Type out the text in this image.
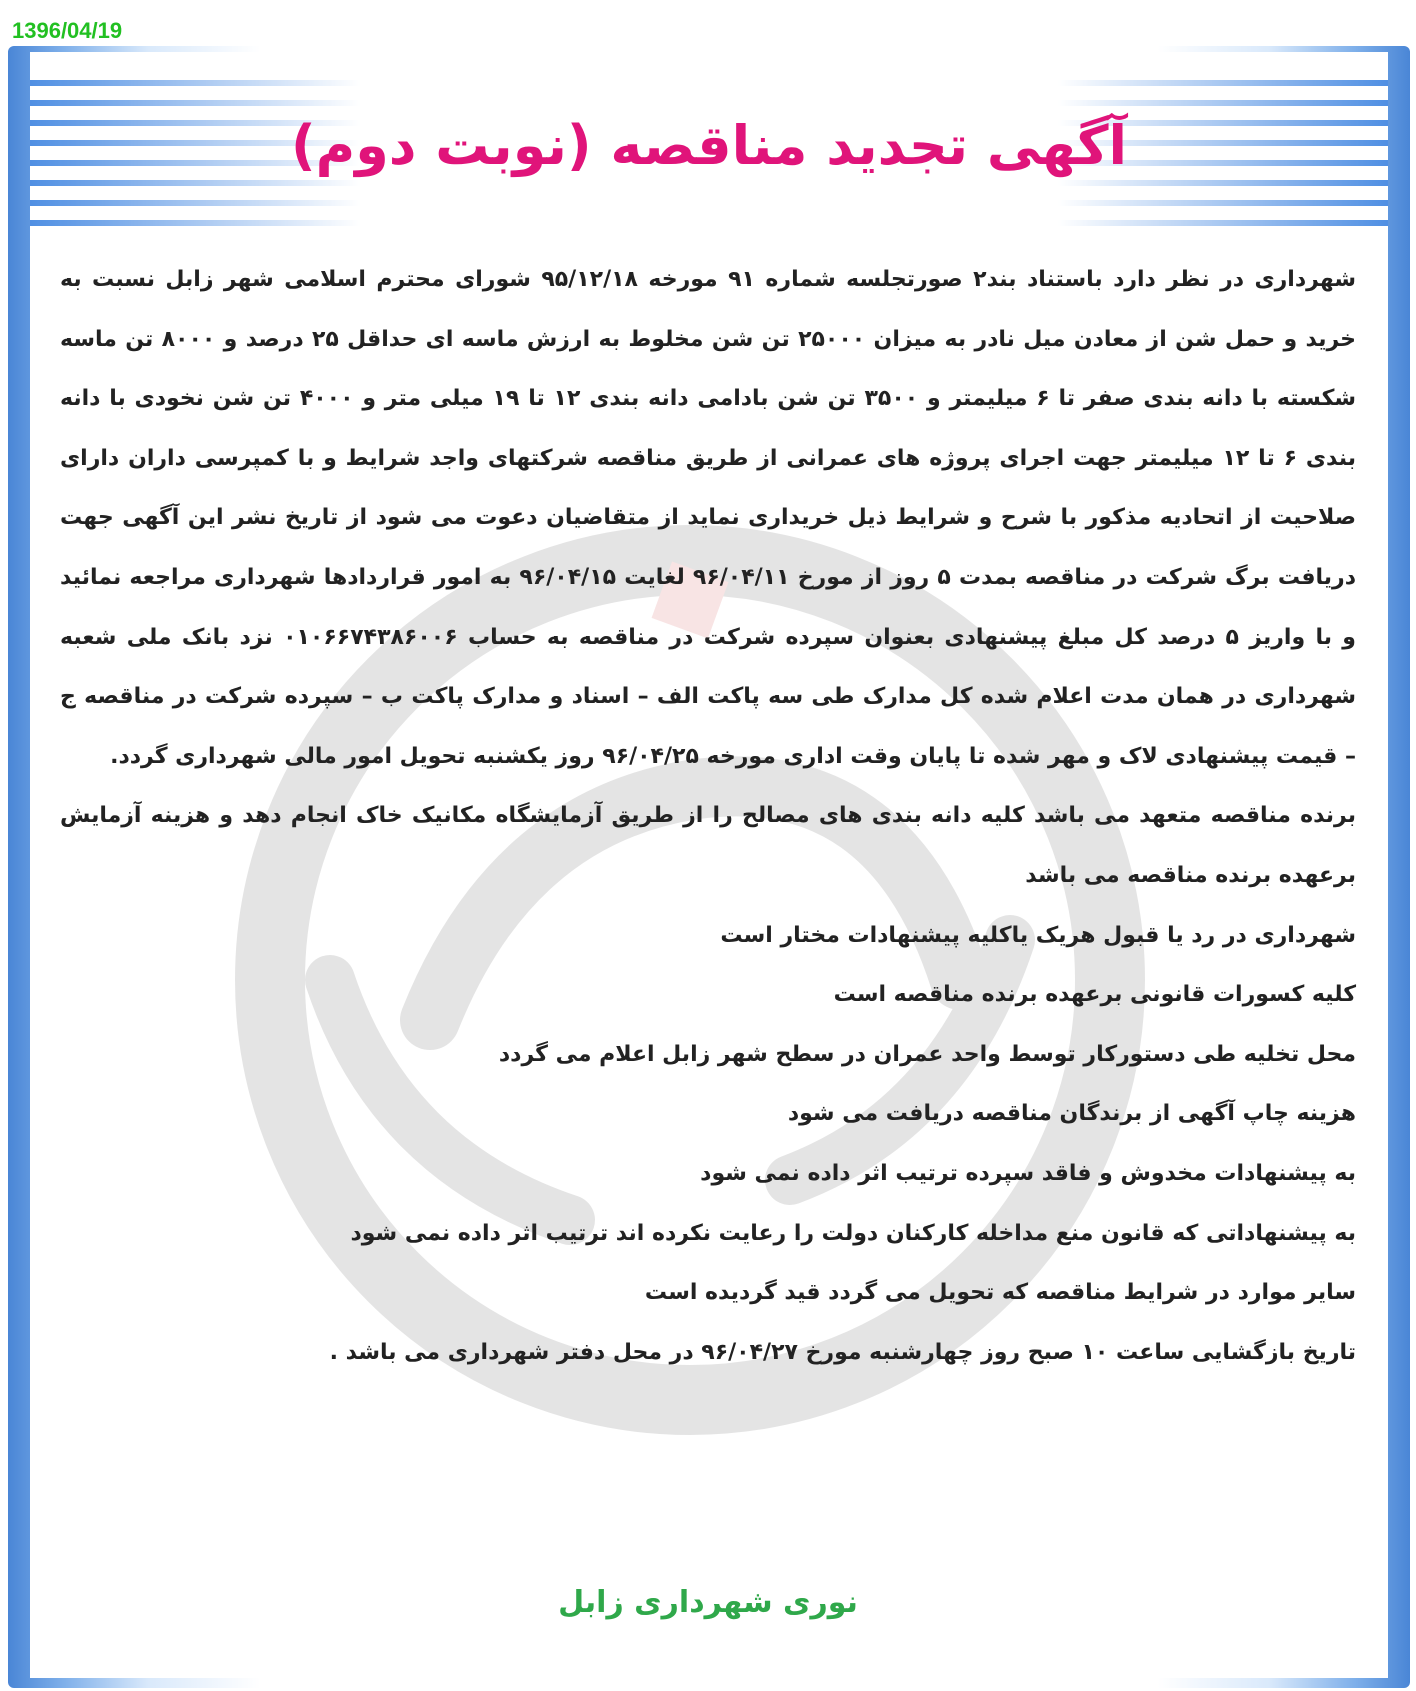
1396/04/19
آگهی تجدید مناقصه (نوبت دوم)

شهرداری در نظر دارد باستناد بند۲ صورتجلسه شماره ۹۱ مورخه ۹۵/۱۲/۱۸ شورای محترم اسلامی شهر زابل نسبت به خرید و حمل شن از معادن میل نادر به میزان ۲۵۰۰۰ تن شن مخلوط به ارزش ماسه ای حداقل ۲۵ درصد و ۸۰۰۰ تن ماسه شکسته با دانه بندی صفر تا ۶ میلیمتر و ۳۵۰۰ تن شن بادامی دانه بندی ۱۲ تا ۱۹ میلی متر و ۴۰۰۰ تن شن نخودی با دانه بندی ۶ تا ۱۲ میلیمتر جهت اجرای پروژه های عمرانی از طریق مناقصه شرکتهای واجد شرایط و با کمپرسی داران دارای صلاحیت از اتحادیه مذکور با شرح و شرایط ذیل خریداری نماید از متقاضیان دعوت می شود از تاریخ نشر این آگهی جهت دریافت برگ شرکت در مناقصه بمدت ۵ روز از مورخ ۹۶/۰۴/۱۱ لغایت ۹۶/۰۴/۱۵ به امور قراردادها شهرداری مراجعه نمائید و با واریز ۵ درصد کل مبلغ پیشنهادی بعنوان سپرده شرکت در مناقصه به حساب ۰۱۰۶۶۷۴۳۸۶۰۰۶ نزد بانک ملی شعبه شهرداری در همان مدت اعلام شده کل مدارک طی سه پاکت الف – اسناد و مدارک پاکت ب – سپرده شرکت در مناقصه ج – قیمت پیشنهادی لاک و مهر شده تا پایان وقت اداری مورخه ۹۶/۰۴/۲۵ روز یکشنبه تحویل امور مالی شهرداری گردد.

برنده مناقصه متعهد می باشد کلیه دانه بندی های مصالح را از طریق آزمایشگاه مکانیک خاک انجام دهد و هزینه آزمایش برعهده برنده مناقصه می باشد

شهرداری در رد یا قبول هریک یاکلیه پیشنهادات مختار است

کلیه کسورات قانونی برعهده برنده مناقصه است

محل تخلیه طی دستورکار توسط واحد عمران در سطح شهر زابل اعلام می گردد

هزینه چاپ آگهی از برندگان مناقصه دریافت می شود

به پیشنهادات مخدوش و فاقد سپرده ترتیب اثر داده نمی شود

به پیشنهاداتی که قانون منع مداخله کارکنان دولت را رعایت نکرده اند ترتیب اثر داده نمی شود

سایر موارد در شرایط مناقصه که تحویل می گردد قید گردیده است

تاریخ بازگشایی ساعت ۱۰ صبح روز چهارشنبه مورخ ۹۶/۰۴/۲۷ در محل دفتر شهرداری می باشد .

نوری شهرداری زابل
